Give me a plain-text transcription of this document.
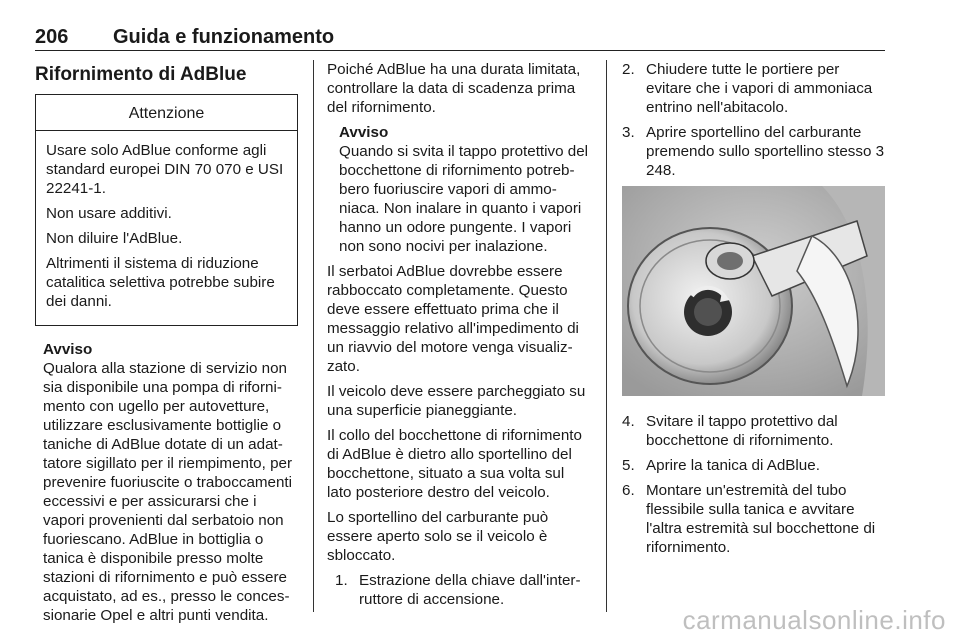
206 Guida e funzionamento
Rifornimento di AdBlue
Attenzione

Usare solo AdBlue conforme agli standard europei DIN 70 070 e USI 22241-1.

Non usare additivi.

Non diluire l'AdBlue.

Altrimenti il sistema di riduzione catalitica selettiva potrebbe subire dei danni.

Avviso

Qualora alla stazione di servizio non sia disponibile una pompa di rifornimento con ugello per autovetture, utilizzare esclusivamente bottiglie o taniche di AdBlue dotate di un adattatore sigillato per il riempimento, per prevenire fuoriuscite o traboccamenti eccessivi e per assicurarsi che i vapori provenienti dal serbatoio non fuoriescano. AdBlue in bottiglia o tanica è disponibile presso molte stazioni di rifornimento e può essere acquistato, ad es., presso le concessionarie Opel e altri punti vendita.

Poiché AdBlue ha una durata limitata, controllare la data di scadenza prima del rifornimento.

Avviso

Quando si svita il tappo protettivo del bocchettone di rifornimento potrebbero fuoriuscire vapori di ammoniaca. Non inalare in quanto i vapori hanno un odore pungente. I vapori non sono nocivi per inalazione.

Il serbatoi AdBlue dovrebbe essere rabboccato completamente. Questo deve essere effettuato prima che il messaggio relativo all'impedimento di un riavvio del motore venga visualizzato.

Il veicolo deve essere parcheggiato su una superficie pianeggiante.

Il collo del bocchettone di rifornimento di AdBlue è dietro allo sportellino del bocchettone, situato a sua volta sul lato posteriore destro del veicolo.

Lo sportellino del carburante può essere aperto solo se il veicolo è sbloccato.

1. Estrazione della chiave dall'interruttore di accensione.
2. Chiudere tutte le portiere per evitare che i vapori di ammoniaca entrino nell'abitacolo.
3. Aprire sportellino del carburante premendo sullo sportellino stesso 3 248.
4. Svitare il tappo protettivo dal bocchettone di rifornimento.
5. Aprire la tanica di AdBlue.
6. Montare un'estremità del tubo flessibile sulla tanica e avvitare l'altra estremità sul bocchettone di rifornimento.
carmanualsonline.info
